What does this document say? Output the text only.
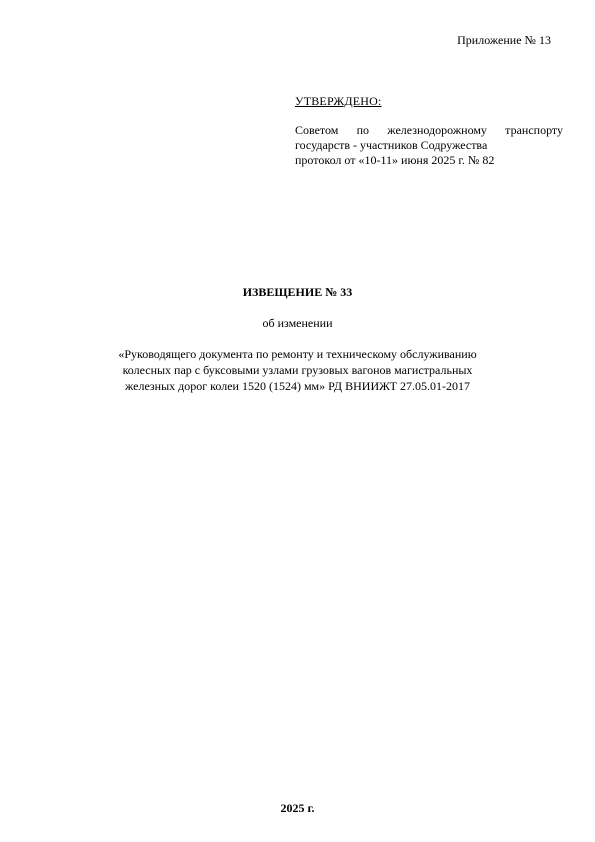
Приложение № 13
УТВЕРЖДЕНО:
Советом по железнодорожному транспорту
государств - участников Содружества
протокол от «10-11» июня 2025 г. № 82
ИЗВЕЩЕНИЕ № 33
об изменении
«Руководящего документа по ремонту и техническому обслуживанию
колесных пар с буксовыми узлами грузовых вагонов магистральных
железных дорог колеи 1520 (1524) мм» РД ВНИИЖТ 27.05.01-2017
2025 г.
